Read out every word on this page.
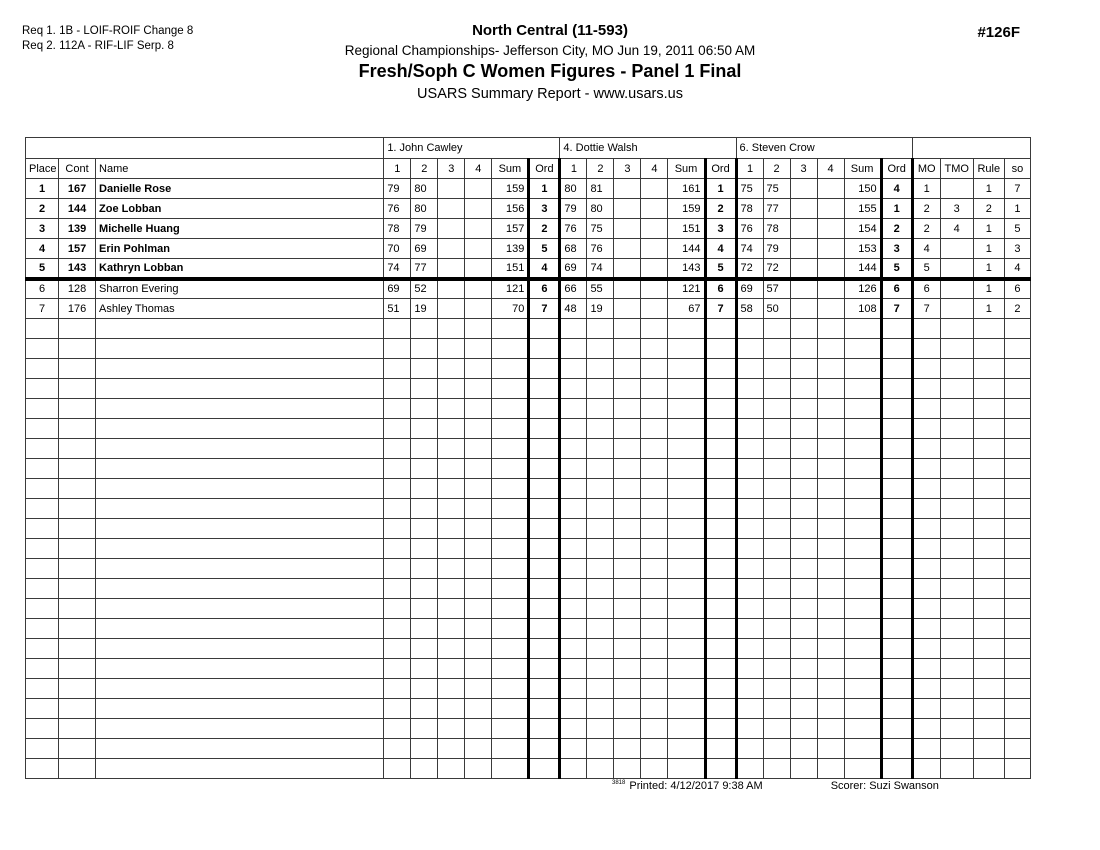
Req 1. 1B - LOIF-ROIF Change 8
Req 2. 112A - RIF-LIF Serp. 8
North Central (11-593)
Regional Championships- Jefferson City, MO Jun 19, 2011 06:50 AM
Fresh/Soph C Women Figures - Panel 1 Final
USARS Summary Report - www.usars.us
#126F
			1. John Cawley						4. Dottie Walsh						6. Steven Crow									
Place	Cont	Name	1	2	3	4	Sum	Ord	1	2	3	4	Sum	Ord	1	2	3	4	Sum	Ord	MO	TMO	Rule	so
1	167	Danielle Rose	79	80			159	1	80	81			161	1	75	75			150	4	1		1	7
2	144	Zoe Lobban	76	80			156	3	79	80			159	2	78	77			155	1	2	3	2	1
3	139	Michelle Huang	78	79			157	2	76	75			151	3	76	78			154	2	2	4	1	5
4	157	Erin Pohlman	70	69			139	5	68	76			144	4	74	79			153	3	4		1	3
5	143	Kathryn Lobban	74	77			151	4	69	74			143	5	72	72			144	5	5		1	4
6	128	Sharron Evering	69	52			121	6	66	55			121	6	69	57			126	6	6		1	6
7	176	Ashley Thomas	51	19			70	7	48	19			67	7	58	50			108	7	7		1	2

$^{3818}$ Printed: 4/12/2017 9:38 AM	Scorer: Suzi Swanson
